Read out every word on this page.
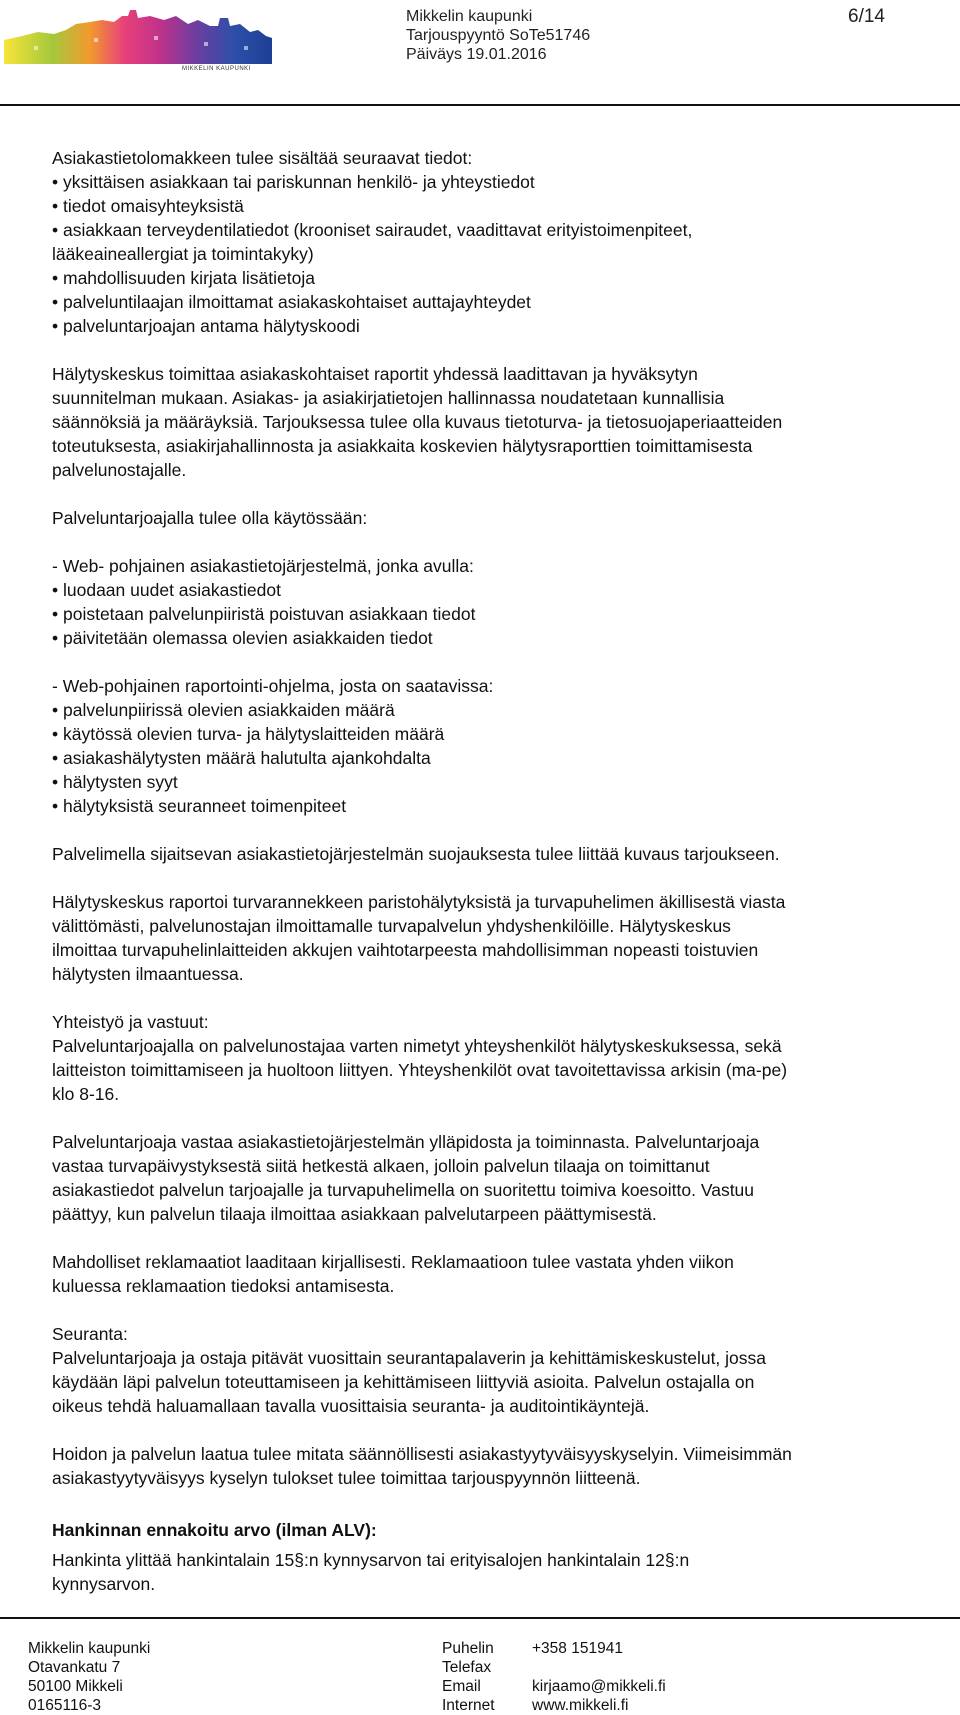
MIKKELIN KAUPUNKI
Mikkelin kaupunki
Tarjouspyyntö SoTe51746
Päiväys 19.01.2016
6/14

Asiakastietolomakkeen tulee sisältää seuraavat tiedot:

• yksittäisen asiakkaan tai pariskunnan henkilö- ja yhteystiedot

• tiedot omaisyhteyksistä

• asiakkaan terveydentilatiedot (krooniset sairaudet, vaadittavat erityistoimenpiteet,

lääkeaineallergiat ja toimintakyky)

• mahdollisuuden kirjata lisätietoja

• palveluntilaajan ilmoittamat asiakaskohtaiset auttajayhteydet

• palveluntarjoajan antama hälytyskoodi

Hälytyskeskus toimittaa asiakaskohtaiset raportit yhdessä laadittavan ja hyväksytyn

suunnitelman mukaan. Asiakas- ja asiakirjatietojen hallinnassa noudatetaan kunnallisia

säännöksiä ja määräyksiä. Tarjouksessa tulee olla kuvaus tietoturva- ja tietosuojaperiaatteiden

toteutuksesta, asiakirjahallinnosta ja asiakkaita koskevien hälytysraporttien toimittamisesta

palvelunostajalle.

Palveluntarjoajalla tulee olla käytössään:

- Web- pohjainen asiakastietojärjestelmä, jonka avulla:

• luodaan uudet asiakastiedot

• poistetaan palvelunpiiristä poistuvan asiakkaan tiedot

• päivitetään olemassa olevien asiakkaiden tiedot

- Web-pohjainen raportointi-ohjelma, josta on saatavissa:

• palvelunpiirissä olevien asiakkaiden määrä

• käytössä olevien turva- ja hälytyslaitteiden määrä

• asiakashälytysten määrä halutulta ajankohdalta

• hälytysten syyt

• hälytyksistä seuranneet toimenpiteet

Palvelimella sijaitsevan asiakastietojärjestelmän suojauksesta tulee liittää kuvaus tarjoukseen.

Hälytyskeskus raportoi turvarannekkeen paristohälytyksistä ja turvapuhelimen äkillisestä viasta

välittömästi, palvelunostajan ilmoittamalle turvapalvelun yhdyshenkilöille. Hälytyskeskus

ilmoittaa turvapuhelinlaitteiden akkujen vaihtotarpeesta mahdollisimman nopeasti toistuvien

hälytysten ilmaantuessa.

Yhteistyö ja vastuut:

Palveluntarjoajalla on palvelunostajaa varten nimetyt yhteyshenkilöt hälytyskeskuksessa, sekä

laitteiston toimittamiseen ja huoltoon liittyen. Yhteyshenkilöt ovat tavoitettavissa arkisin (ma-pe)

klo 8-16.

Palveluntarjoaja vastaa asiakastietojärjestelmän ylläpidosta ja toiminnasta. Palveluntarjoaja

vastaa turvapäivystyksestä siitä hetkestä alkaen, jolloin palvelun tilaaja on toimittanut

asiakastiedot palvelun tarjoajalle ja turvapuhelimella on suoritettu toimiva koesoitto. Vastuu

päättyy, kun palvelun tilaaja ilmoittaa asiakkaan palvelutarpeen päättymisestä.

Mahdolliset reklamaatiot laaditaan kirjallisesti. Reklamaatioon tulee vastata yhden viikon

kuluessa reklamaation tiedoksi antamisesta.

Seuranta:

Palveluntarjoaja ja ostaja pitävät vuosittain seurantapalaverin ja kehittämiskeskustelut, jossa

käydään läpi palvelun toteuttamiseen ja kehittämiseen liittyviä asioita. Palvelun ostajalla on

oikeus tehdä haluamallaan tavalla vuosittaisia seuranta- ja auditointikäyntejä.

Hoidon ja palvelun laatua tulee mitata säännöllisesti asiakastyytyväisyyskyselyin. Viimeisimmän

asiakastyytyväisyys kyselyn tulokset tulee toimittaa tarjouspyynnön liitteenä.

Hankinnan ennakoitu arvo (ilman ALV):

Hankinta ylittää hankintalain 15§:n kynnysarvon tai erityisalojen hankintalain 12§:n

kynnysarvon.

Mikkelin kaupunki
Otavankatu 7
50100 Mikkeli
0165116-3
Puhelin
Telefax
Email
Internet
+358 151941

kirjaamo@mikkeli.fi
www.mikkeli.fi
